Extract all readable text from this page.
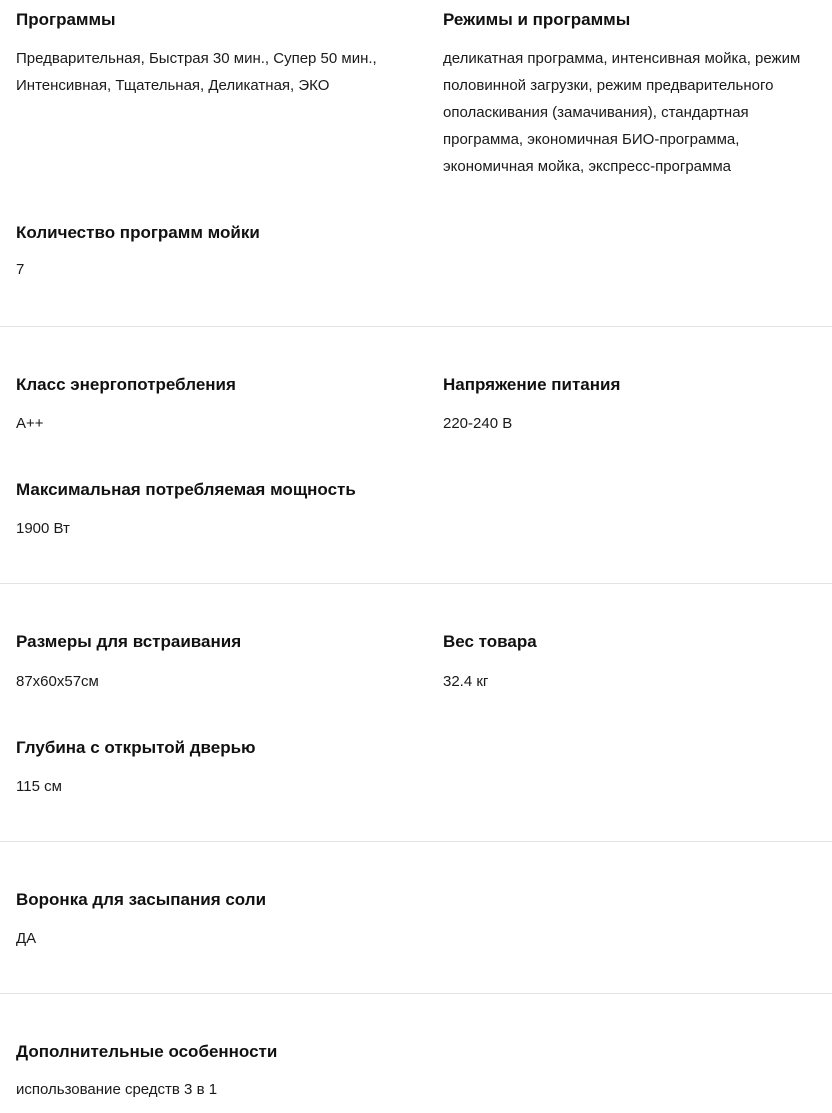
Программы
Предварительная, Быстрая 30 мин., Супер 50 мин., Интенсивная, Тщательная, Деликатная, ЭКО
Режимы и программы
деликатная программа, интенсивная мойка, режим половинной загрузки, режим предварительного ополаскивания (замачивания), стандартная программа, экономичная БИО-программа, экономичная мойка, экспресс-программа
Количество программ мойки
7
Класс энергопотребления
A++
Напряжение питания
220-240 В
Максимальная потребляемая мощность
1900 Вт
Размеры для встраивания
87x60x57см
Вес товара
32.4 кг
Глубина с открытой дверью
115 см
Воронка для засыпания соли
ДА
Дополнительные особенности
использование средств 3 в 1
